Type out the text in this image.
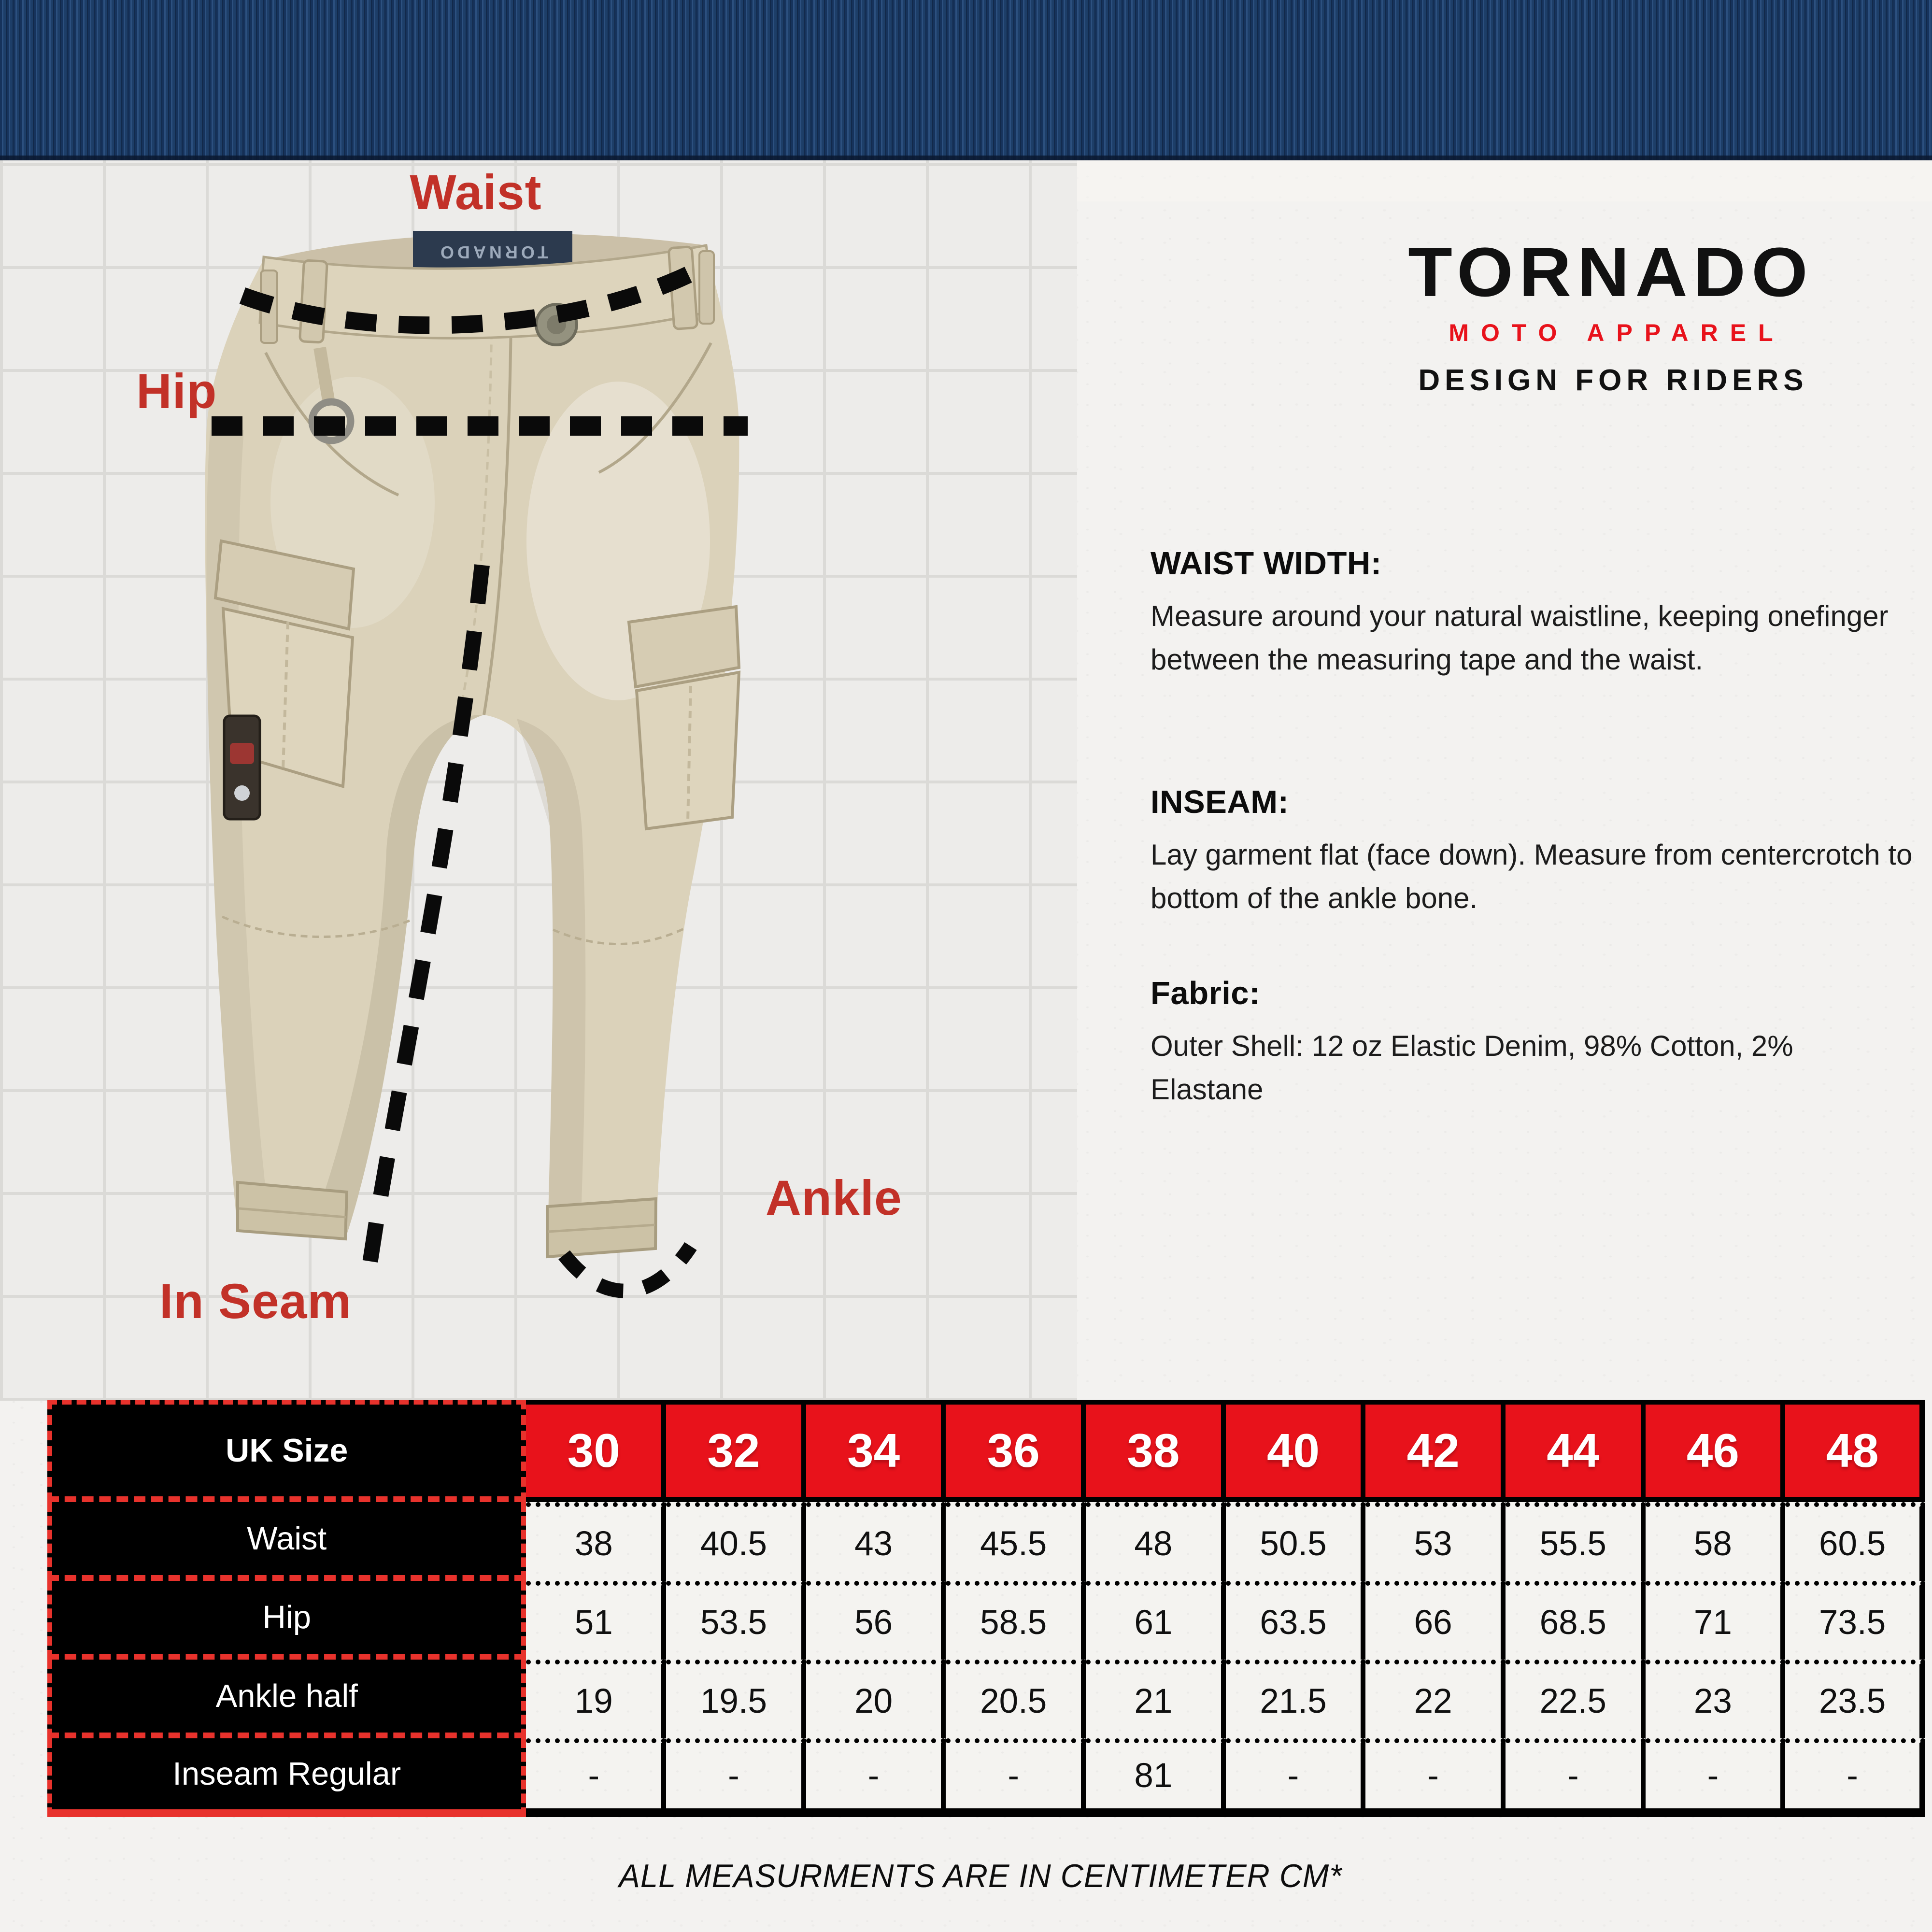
TORNADO
Waist
Hip
Ankle
In Seam
TORNADO
MOTO APPAREL
DESIGN FOR RIDERS
WAIST WIDTH:

Measure around your natural waistline, keeping onefinger between the measuring tape and the waist.

INSEAM:

Lay garment flat (face down). Measure from centercrotch to bottom of the ankle bone.

Fabric:

Outer Shell: 12 oz Elastic Denim, 98% Cotton, 2% Elastane

UK Size	30	32	34	36	38	40	42	44	46	48
Waist	38	40.5	43	45.5	48	50.5	53	55.5	58	60.5
Hip	51	53.5	56	58.5	61	63.5	66	68.5	71	73.5
Ankle half	19	19.5	20	20.5	21	21.5	22	22.5	23	23.5
Inseam Regular	-	-	-	-	81	-	-	-	-	-
ALL MEASURMENTS ARE IN CENTIMETER CM*
